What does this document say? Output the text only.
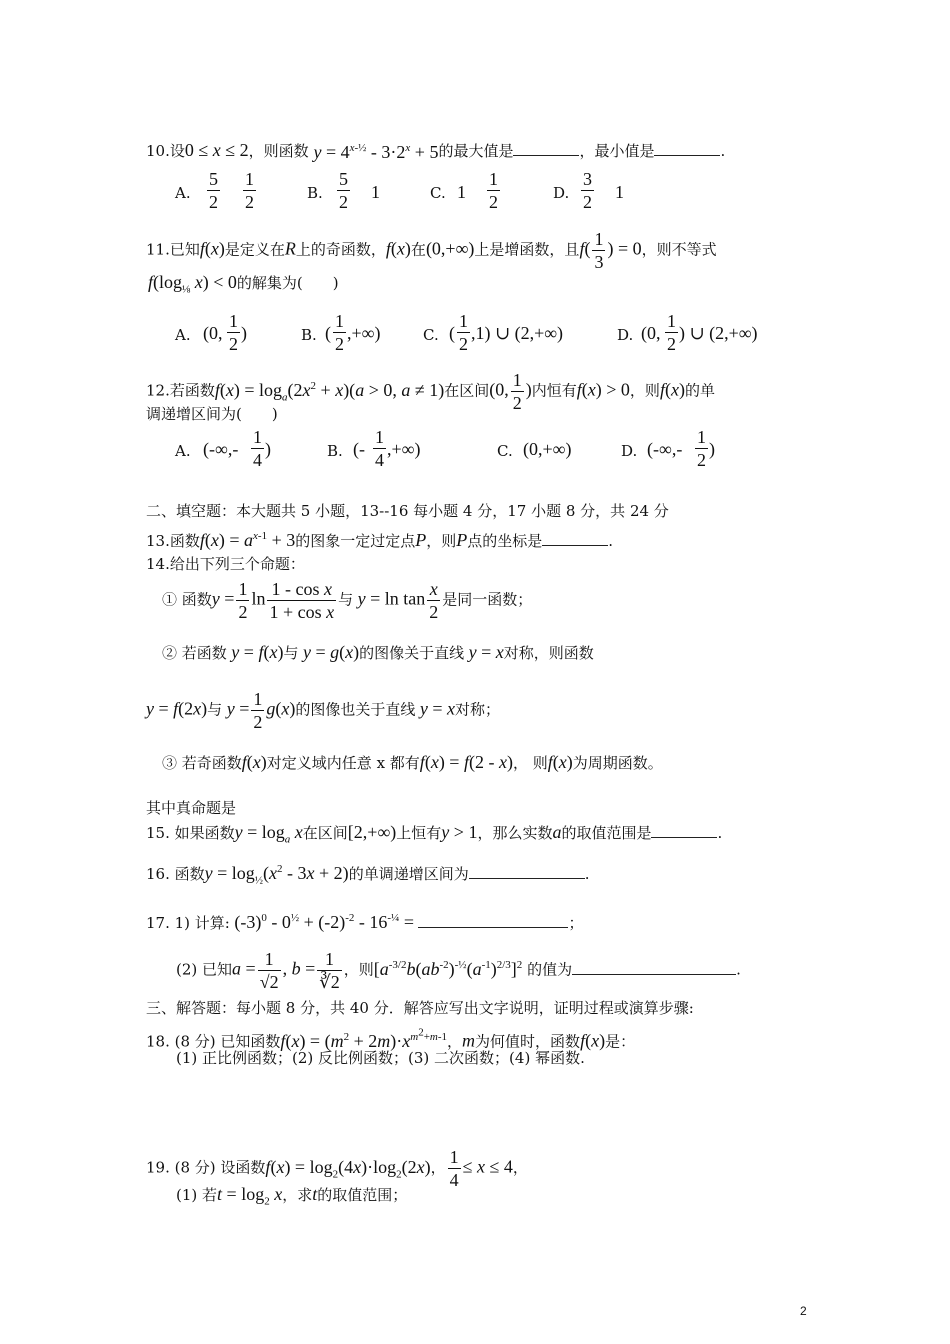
10.设0 ≤ x ≤ 2，则函数 $y = 4^{x-\frac{1}{2}} - 3\cdot 2^x + 5$的最大值是	，最小值是	.
A. $\frac{5}{2} \frac{1}{2}$	B. $\frac{5}{2} 1$	C. $1 \frac{1}{2}$	D. $\frac{3}{2} 1$
11.已知f(x)是定义在R上的奇函数，f(x)在(0,+∞)上是增函数，且$f( \frac{1}{3}$ ) = 0，则不等式
$f(\log_{\frac{1}{8}}$ x) < 0的解集为(　　)
A. (0, $\frac{1}{2}$ )	B. ( $\frac{1}{2}$ ,+∞)	C. ( $\frac{1}{2} ,1$) ∪ (2,+∞)	D. (0, $\frac{1}{2}$ ) ∪ (2,+∞)
12.若函数$f(x) = \log_a(2x^2 + x)(a > 0$, a ≠ 1)在区间(0, $\frac{1}{2}$ )内恒有f(x) > 0，则f(x)的单
调递增区间为(　　)
A. (-∞,- $\frac{1}{4}$ )	B. (- $\frac{1}{4}$ ,+∞)	C. (0,+∞)	D. (-∞,- $\frac{1}{2}$ )
二、填空题：本大题共 5 小题，13--16 每小题 4 分，17 小题 8 分，共 24 分
13.函数$f(x) = a^{x-1} + 3$的图象一定过定点P，则P点的坐标是	.
14.给出下列三个命题：
① 函数$y = \frac{1}{2}$ $\ln \frac{\text{1 - cos x}}{\text{1 + cos x}}$ 与 $y = \ln \tan \frac{x}{2}$ 是同一函数；
② 若函数 y = f(x)与 y = g(x)的图像关于直线 y = x对称，则函数
y = f(2x)与 $y = \frac{1}{2} g(x)$的图像也关于直线 y = x对称；
③ 若奇函数f(x)对定义域内任意 x 都有f(x) = f(2 - x)， 则f(x)为周期函数。
其中真命题是
15. 如果函数$y = \log_a x$在区间[2,+∞)上恒有y > 1，那么实数a的取值范围是	.
16. 函数$y = \log_{\frac{1}{2}}(x^2 - 3x + 2)$的单调递增区间为	.
17. 1) 计算: $(-3)^0 - 0^{\frac{1}{2}} + (-2)^{-2} - 16^{-\frac{1}{4}}$ =	；
(2) 已知$a = \frac{1}{√2}$ , $b = \frac{1}{∛2}$ ，则$[a^{-3/2}b(ab^{-2})^{-\frac{1}{2}}(a^{-1})^{2/3}]^2$ 的值为	.
三、解答题：每小题 8 分，共 40 分．解答应写出文字说明，证明过程或演算步骤:
18. (8 分) 已知函数$f(x) = (m^2 + 2m)\cdot x^{m^2+m-1}$，m为何值时，函数f(x)是：
(1) 正比例函数；(2) 反比例函数；(3) 二次函数；(4) 幂函数.
19. (8 分) 设函数$f(x) = \log_2(4x)\cdot\log_2(2x)$， $\frac{1}{4} \le x \le 4$，
(1) 若$t = \log_2 x$，求t的取值范围；
2
